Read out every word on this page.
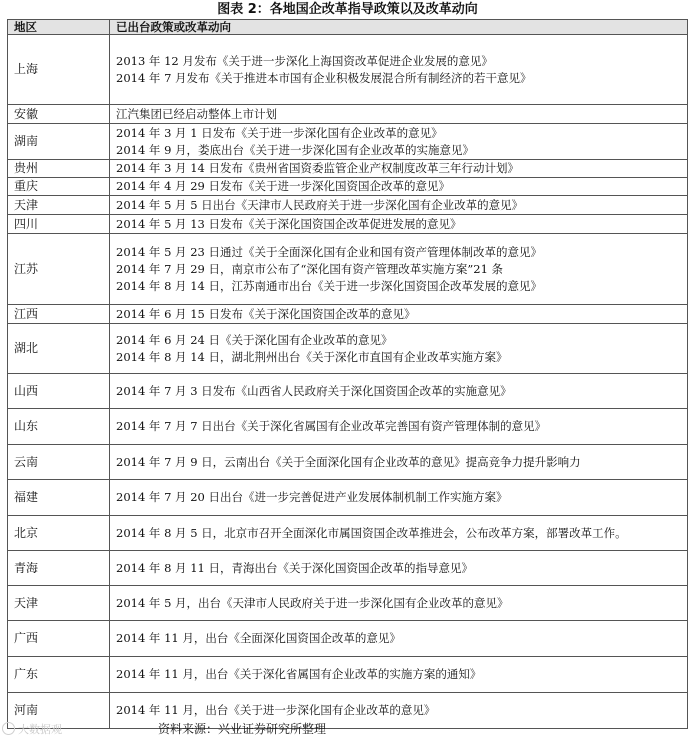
图表 2：各地国企改革指导政策以及改革动向
地区	已出台政策或改革动向
上海	2013 年 12 月发布《关于进一步深化上海国资改革促进企业发展的意见》
2014 年 7 月发布《关于推进本市国有企业积极发展混合所有制经济的若干意见》

安徽	江汽集团已经启动整体上市计划

湖南	2014 年 3 月 1 日发布《关于进一步深化国有企业改革的意见》
2014 年 9 月，娄底出台《关于进一步深化国有企业改革的实施意见》

贵州	2014 年 3 月 14 日发布《贵州省国资委监管企业产权制度改革三年行动计划》

重庆	2014 年 4 月 29 日发布《关于进一步深化国资国企改革的意见》

天津	2014 年 5 月 5 日出台《天津市人民政府关于进一步深化国有企业改革的意见》

四川	2014 年 5 月 13 日发布《关于深化国资国企改革促进发展的意见》

江苏	2014 年 5 月 23 日通过《关于全面深化国有企业和国有资产管理体制改革的意见》
2014 年 7 月 29 日，南京市公布了“深化国有资产管理改革实施方案”21 条
2014 年 8 月 14 日，江苏南通市出台《关于进一步深化国资国企改革发展的意见》

江西	2014 年 6 月 15 日发布《关于深化国资国企改革的意见》

湖北	2014 年 6 月 24 日《关于深化国有企业改革的意见》
2014 年 8 月 14 日，湖北荆州出台《关于深化市直国有企业改革实施方案》

山西	2014 年 7 月 3 日发布《山西省人民政府关于深化国资国企改革的实施意见》

山东	2014 年 7 月 7 日出台《关于深化省属国有企业改革完善国有资产管理体制的意见》

云南	2014 年 7 月 9 日，云南出台《关于全面深化国有企业改革的意见》提高竞争力提升影响力

福建	2014 年 7 月 20 日出台《进一步完善促进产业发展体制机制工作实施方案》

北京	2014 年 8 月 5 日，北京市召开全面深化市属国资国企改革推进会，公布改革方案，部署改革工作。

青海	2014 年 8 月 11 日，青海出台《关于深化国资国企改革的指导意见》

天津	2014 年 5 月，出台《天津市人民政府关于进一步深化国有企业改革的意见》

广西	2014 年 11 月，出台《全面深化国资国企改革的意见》

广东	2014 年 11 月，出台《关于深化省属国有企业改革的实施方案的通知》

河南	2014 年 11 月，出台《关于进一步深化国有企业改革的意见》
大数据观	资料来源：兴业证券研究所整理
